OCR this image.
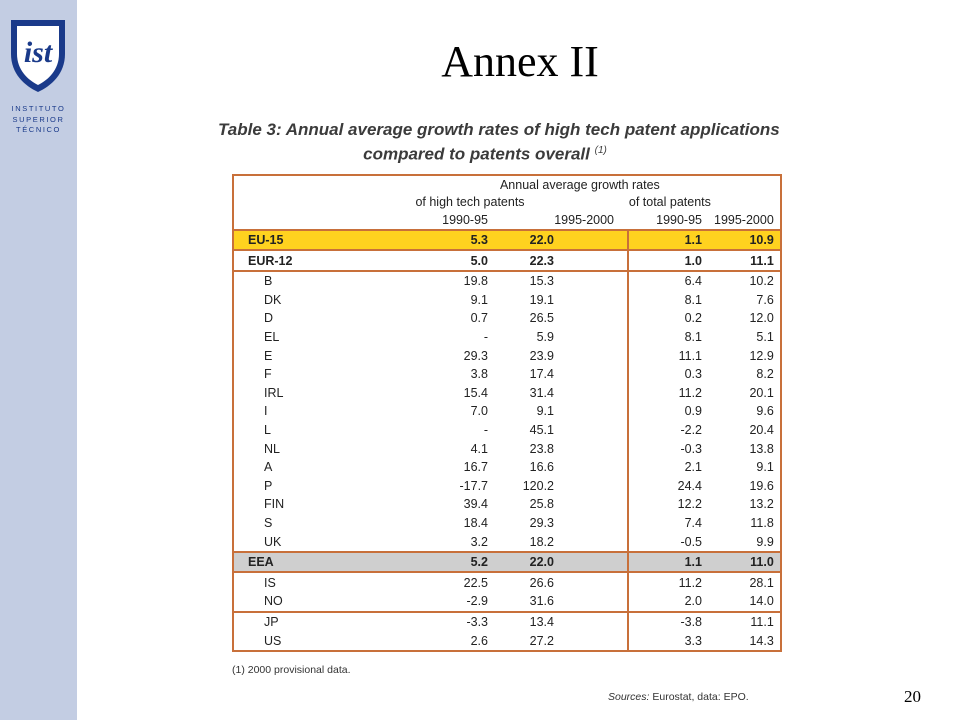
ist
INSTITUTO
SUPERIOR
TÉCNICO
Annex II
Table 3: Annual average growth rates of high tech patent applications
compared to patents overall $^{(1)}$
	Annual average growth rates				
	of high tech patents		of total patents		
	1990-95	1995-2000		1990-95	1995-2000
EU-15	5.3	22.0		1.1	10.9
EUR-12	5.0	22.3		1.0	11.1
B	19.8	15.3		6.4	10.2
DK	9.1	19.1		8.1	7.6
D	0.7	26.5		0.2	12.0
EL	-	5.9		8.1	5.1
E	29.3	23.9		11.1	12.9
F	3.8	17.4		0.3	8.2
IRL	15.4	31.4		11.2	20.1
I	7.0	9.1		0.9	9.6
L	-	45.1		-2.2	20.4
NL	4.1	23.8		-0.3	13.8
A	16.7	16.6		2.1	9.1
P	-17.7	120.2		24.4	19.6
FIN	39.4	25.8		12.2	13.2
S	18.4	29.3		7.4	11.8
UK	3.2	18.2		-0.5	9.9
EEA	5.2	22.0		1.1	11.0
IS	22.5	26.6		11.2	28.1
NO	-2.9	31.6		2.0	14.0
JP	-3.3	13.4		-3.8	11.1
US	2.6	27.2		3.3	14.3
(1) 2000 provisional data.
Sources: Eurostat, data: EPO.	20
